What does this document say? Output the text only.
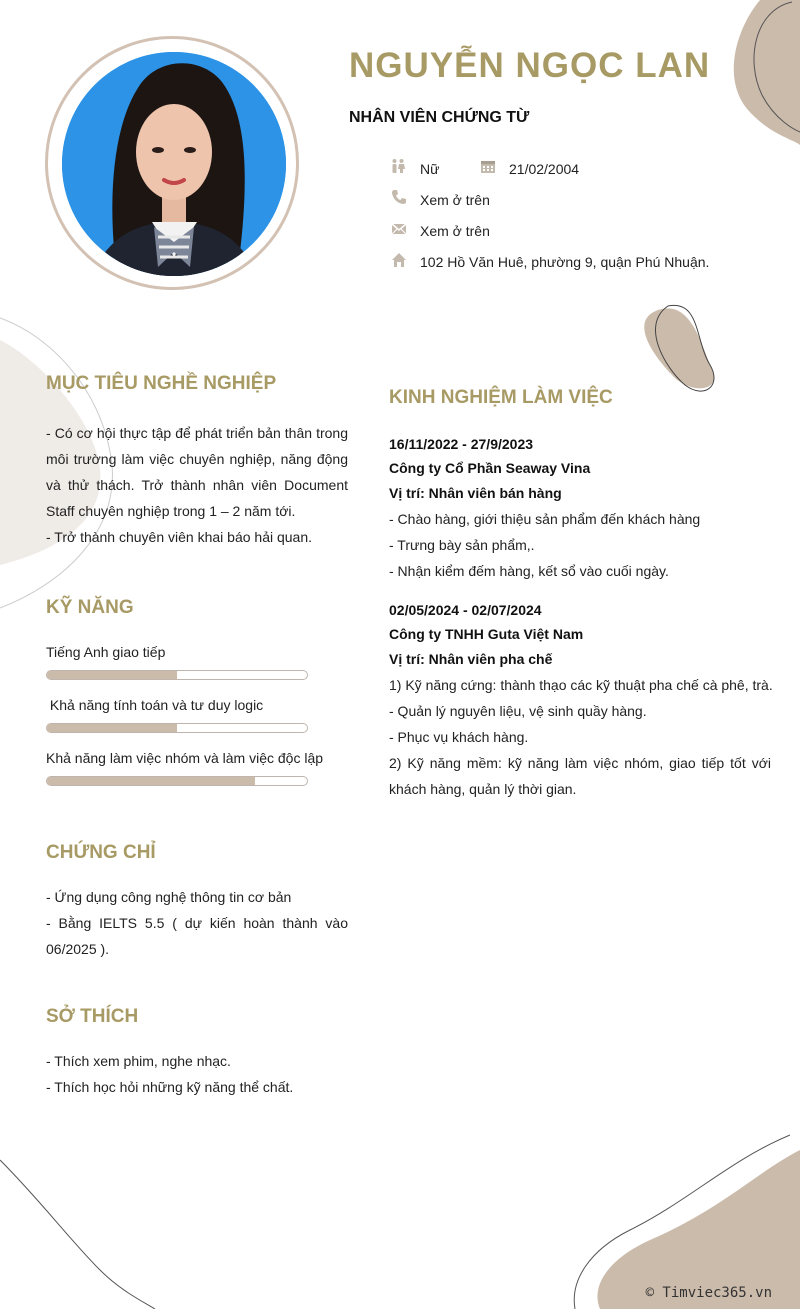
NGUYỄN NGỌC LAN
NHÂN VIÊN CHỨNG TỪ
Nữ	21/02/2004
Xem ở trên
Xem ở trên
102 Hồ Văn Huê, phường 9, quận Phú Nhuận.
MỤC TIÊU NGHỀ NGHIỆP

- Có cơ hội thực tập để phát triển bản thân trong môi trường làm việc chuyên nghiệp, năng động và thử thách. Trở thành nhân viên Document Staff chuyên nghiệp trong 1 – 2 năm tới.

- Trở thành chuyên viên khai báo hải quan.

KỸ NĂNG
Tiếng Anh giao tiếp
Khả năng tính toán và tư duy logic
Khả năng làm việc nhóm và làm việc độc lập
CHỨNG CHỈ

- Ứng dụng công nghệ thông tin cơ bản

- Bằng IELTS 5.5 ( dự kiến hoàn thành vào 06/2025 ).

SỞ THÍCH

- Thích xem phim, nghe nhạc.

- Thích học hỏi những kỹ năng thể chất.

KINH NGHIỆM LÀM VIỆC
16/11/2022 - 27/9/2023
Công ty Cổ Phần Seaway Vina
Vị trí: Nhân viên bán hàng
- Chào hàng, giới thiệu sản phẩm đến khách hàng
- Trưng bày sản phẩm,.
- Nhận kiểm đếm hàng, kết sổ vào cuối ngày.
02/05/2024 - 02/07/2024
Công ty TNHH Guta Việt Nam
Vị trí: Nhân viên pha chế
1) Kỹ năng cứng: thành thạo các kỹ thuật pha chế cà phê, trà.
- Quản lý nguyên liệu, vệ sinh quầy hàng.
- Phục vụ khách hàng.
2) Kỹ năng mềm: kỹ năng làm việc nhóm, giao tiếp tốt với khách hàng, quản lý thời gian.
© Timviec365.vn
